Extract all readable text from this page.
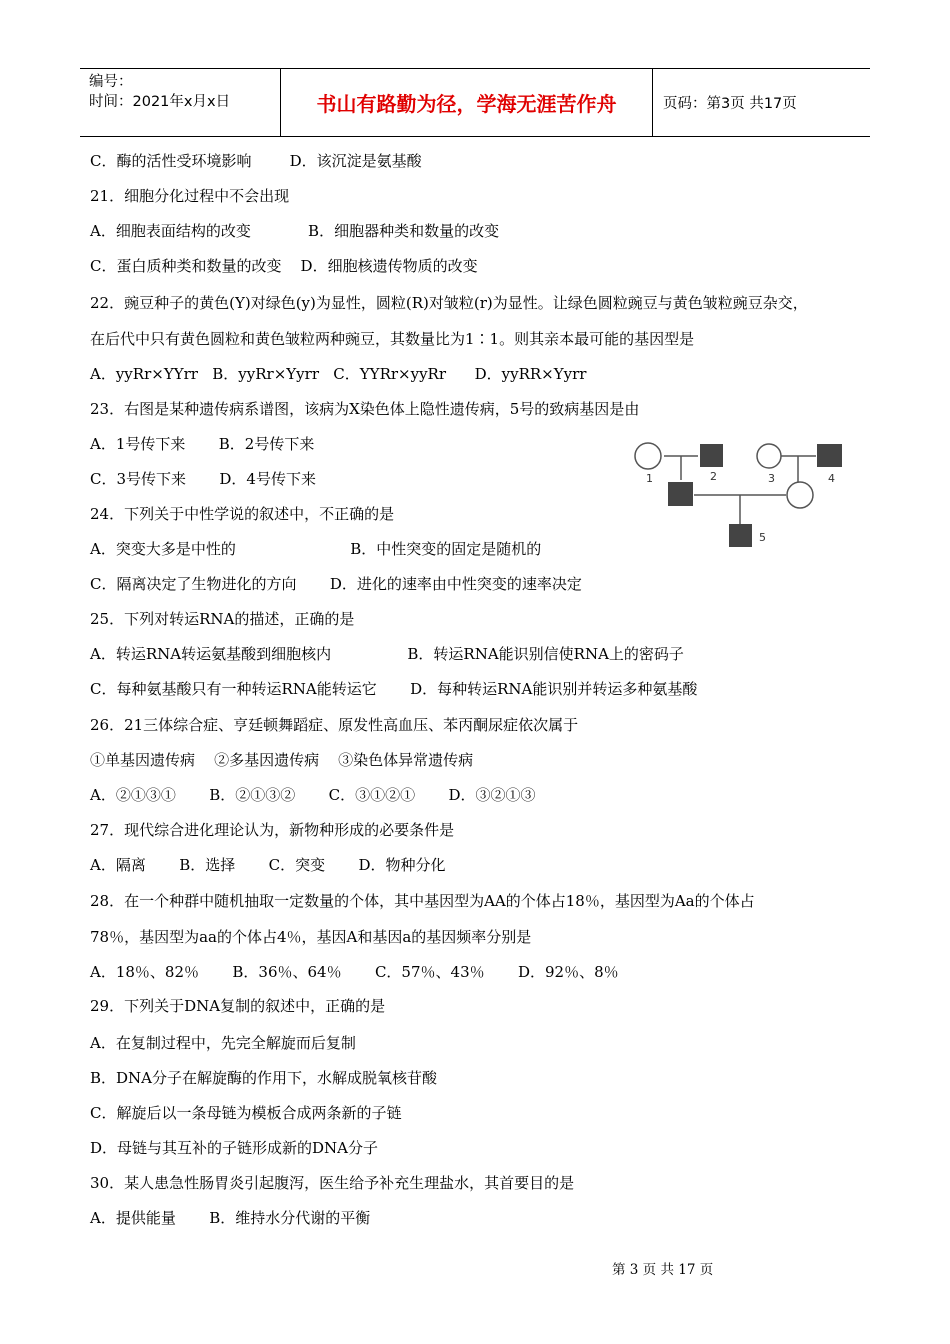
编号：
时间：2021年x月x日	书山有路勤为径，学海无涯苦作舟	页码：第3页 共17页
C．酶的活性受环境影响        D．该沉淀是氨基酸
21．细胞分化过程中不会出现
A．细胞表面结构的改变            B．细胞器种类和数量的改变
C．蛋白质种类和数量的改变    D．细胞核遗传物质的改变
22．豌豆种子的黄色(Y)对绿色(y)为显性，圆粒(R)对皱粒(r)为显性。让绿色圆粒豌豆与黄色皱粒豌豆杂交，
在后代中只有黄色圆粒和黄色皱粒两种豌豆，其数量比为1∶1。则其亲本最可能的基因型是
A．yyRr×YYrr   B．yyRr×Yyrr   C．YYRr×yyRr      D．yyRR×Yyrr
23．右图是某种遗传病系谱图，该病为X染色体上隐性遗传病，5号的致病基因是由
A．1号传下来       B．2号传下来
C．3号传下来       D．4号传下来
24．下列关于中性学说的叙述中，不正确的是
A．突变大多是中性的                        B．中性突变的固定是随机的
C．隔离决定了生物进化的方向       D．进化的速率由中性突变的速率决定
25．下列对转运RNA的描述，正确的是
A．转运RNA转运氨基酸到细胞核内                B．转运RNA能识别信使RNA上的密码子
C．每种氨基酸只有一种转运RNA能转运它       D．每种转运RNA能识别并转运多种氨基酸
26．21三体综合症、亨廷顿舞蹈症、原发性高血压、苯丙酮尿症依次属于
①单基因遗传病    ②多基因遗传病    ③染色体异常遗传病
A．②①③①       B．②①③②       C．③①②①       D．③②①③
27．现代综合进化理论认为，新物种形成的必要条件是
A．隔离       B．选择       C．突变       D．物种分化
28．在一个种群中随机抽取一定数量的个体，其中基因型为AA的个体占18％，基因型为Aa的个体占
78％，基因型为aa的个体占4％，基因A和基因a的基因频率分别是
A．18％、82％       B．36％、64％       C．57％、43％       D．92％、8％
29．下列关于DNA复制的叙述中，正确的是
A．在复制过程中，先完全解旋而后复制
B．DNA分子在解旋酶的作用下，水解成脱氧核苷酸
C．解旋后以一条母链为模板合成两条新的子链
D．母链与其互补的子链形成新的DNA分子
30．某人患急性肠胃炎引起腹泻，医生给予补充生理盐水，其首要目的是
A．提供能量       B．维持水分代谢的平衡
1	2	3	4
5
第 3 页 共 17 页
